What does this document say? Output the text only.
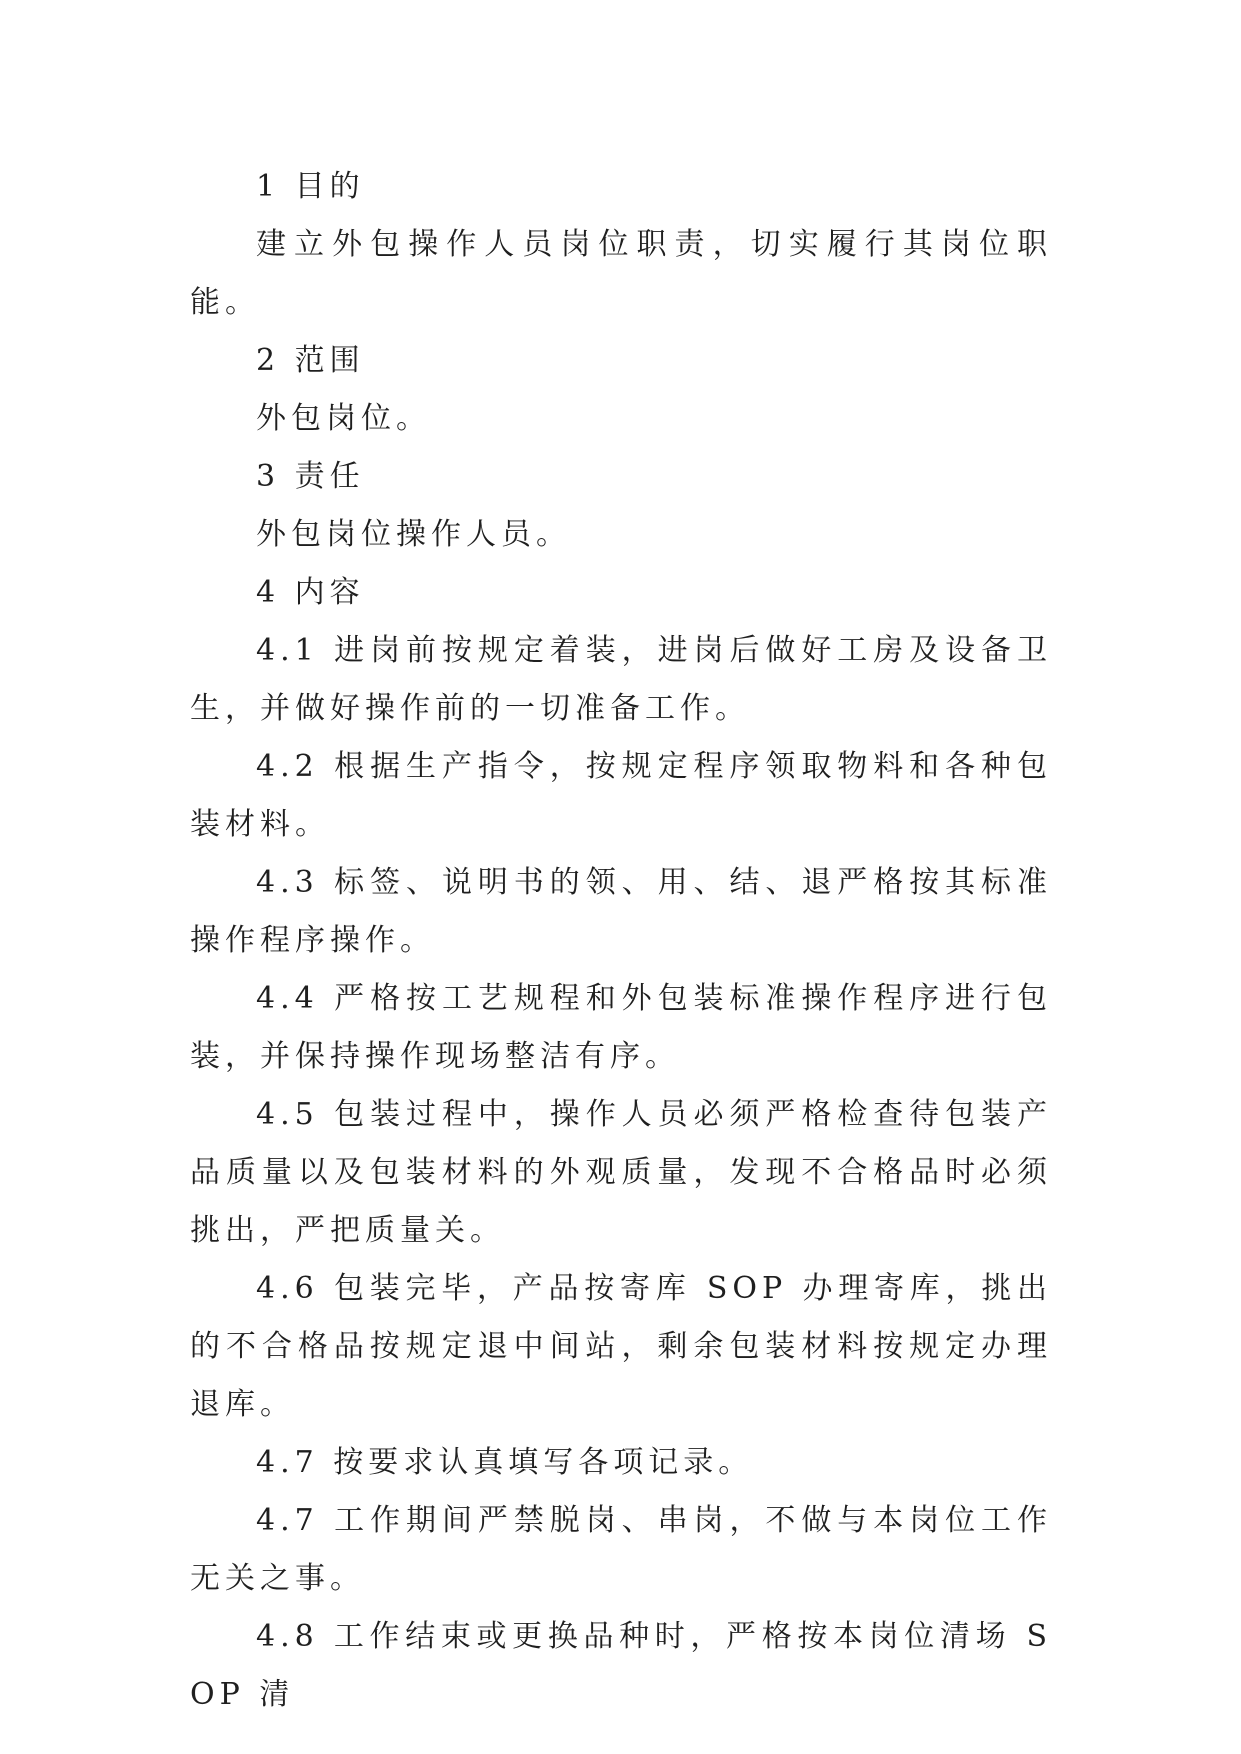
1 目的

建立外包操作人员岗位职责，切实履行其岗位职能。

2 范围

外包岗位。

3 责任

外包岗位操作人员。

4 内容

4.1 进岗前按规定着装，进岗后做好工房及设备卫生，并做好操作前的一切准备工作。

4.2 根据生产指令，按规定程序领取物料和各种包装材料。

4.3 标签、说明书的领、用、结、退严格按其标准操作程序操作。

4.4 严格按工艺规程和外包装标准操作程序进行包装，并保持操作现场整洁有序。

4.5 包装过程中，操作人员必须严格检查待包装产品质量以及包装材料的外观质量，发现不合格品时必须挑出，严把质量关。

4.6 包装完毕，产品按寄库 SOP 办理寄库，挑出的不合格品按规定退中间站，剩余包装材料按规定办理退库。

4.7 按要求认真填写各项记录。

4.7 工作期间严禁脱岗、串岗，不做与本岗位工作无关之事。

4.8 工作结束或更换品种时，严格按本岗位清场 SOP 清
